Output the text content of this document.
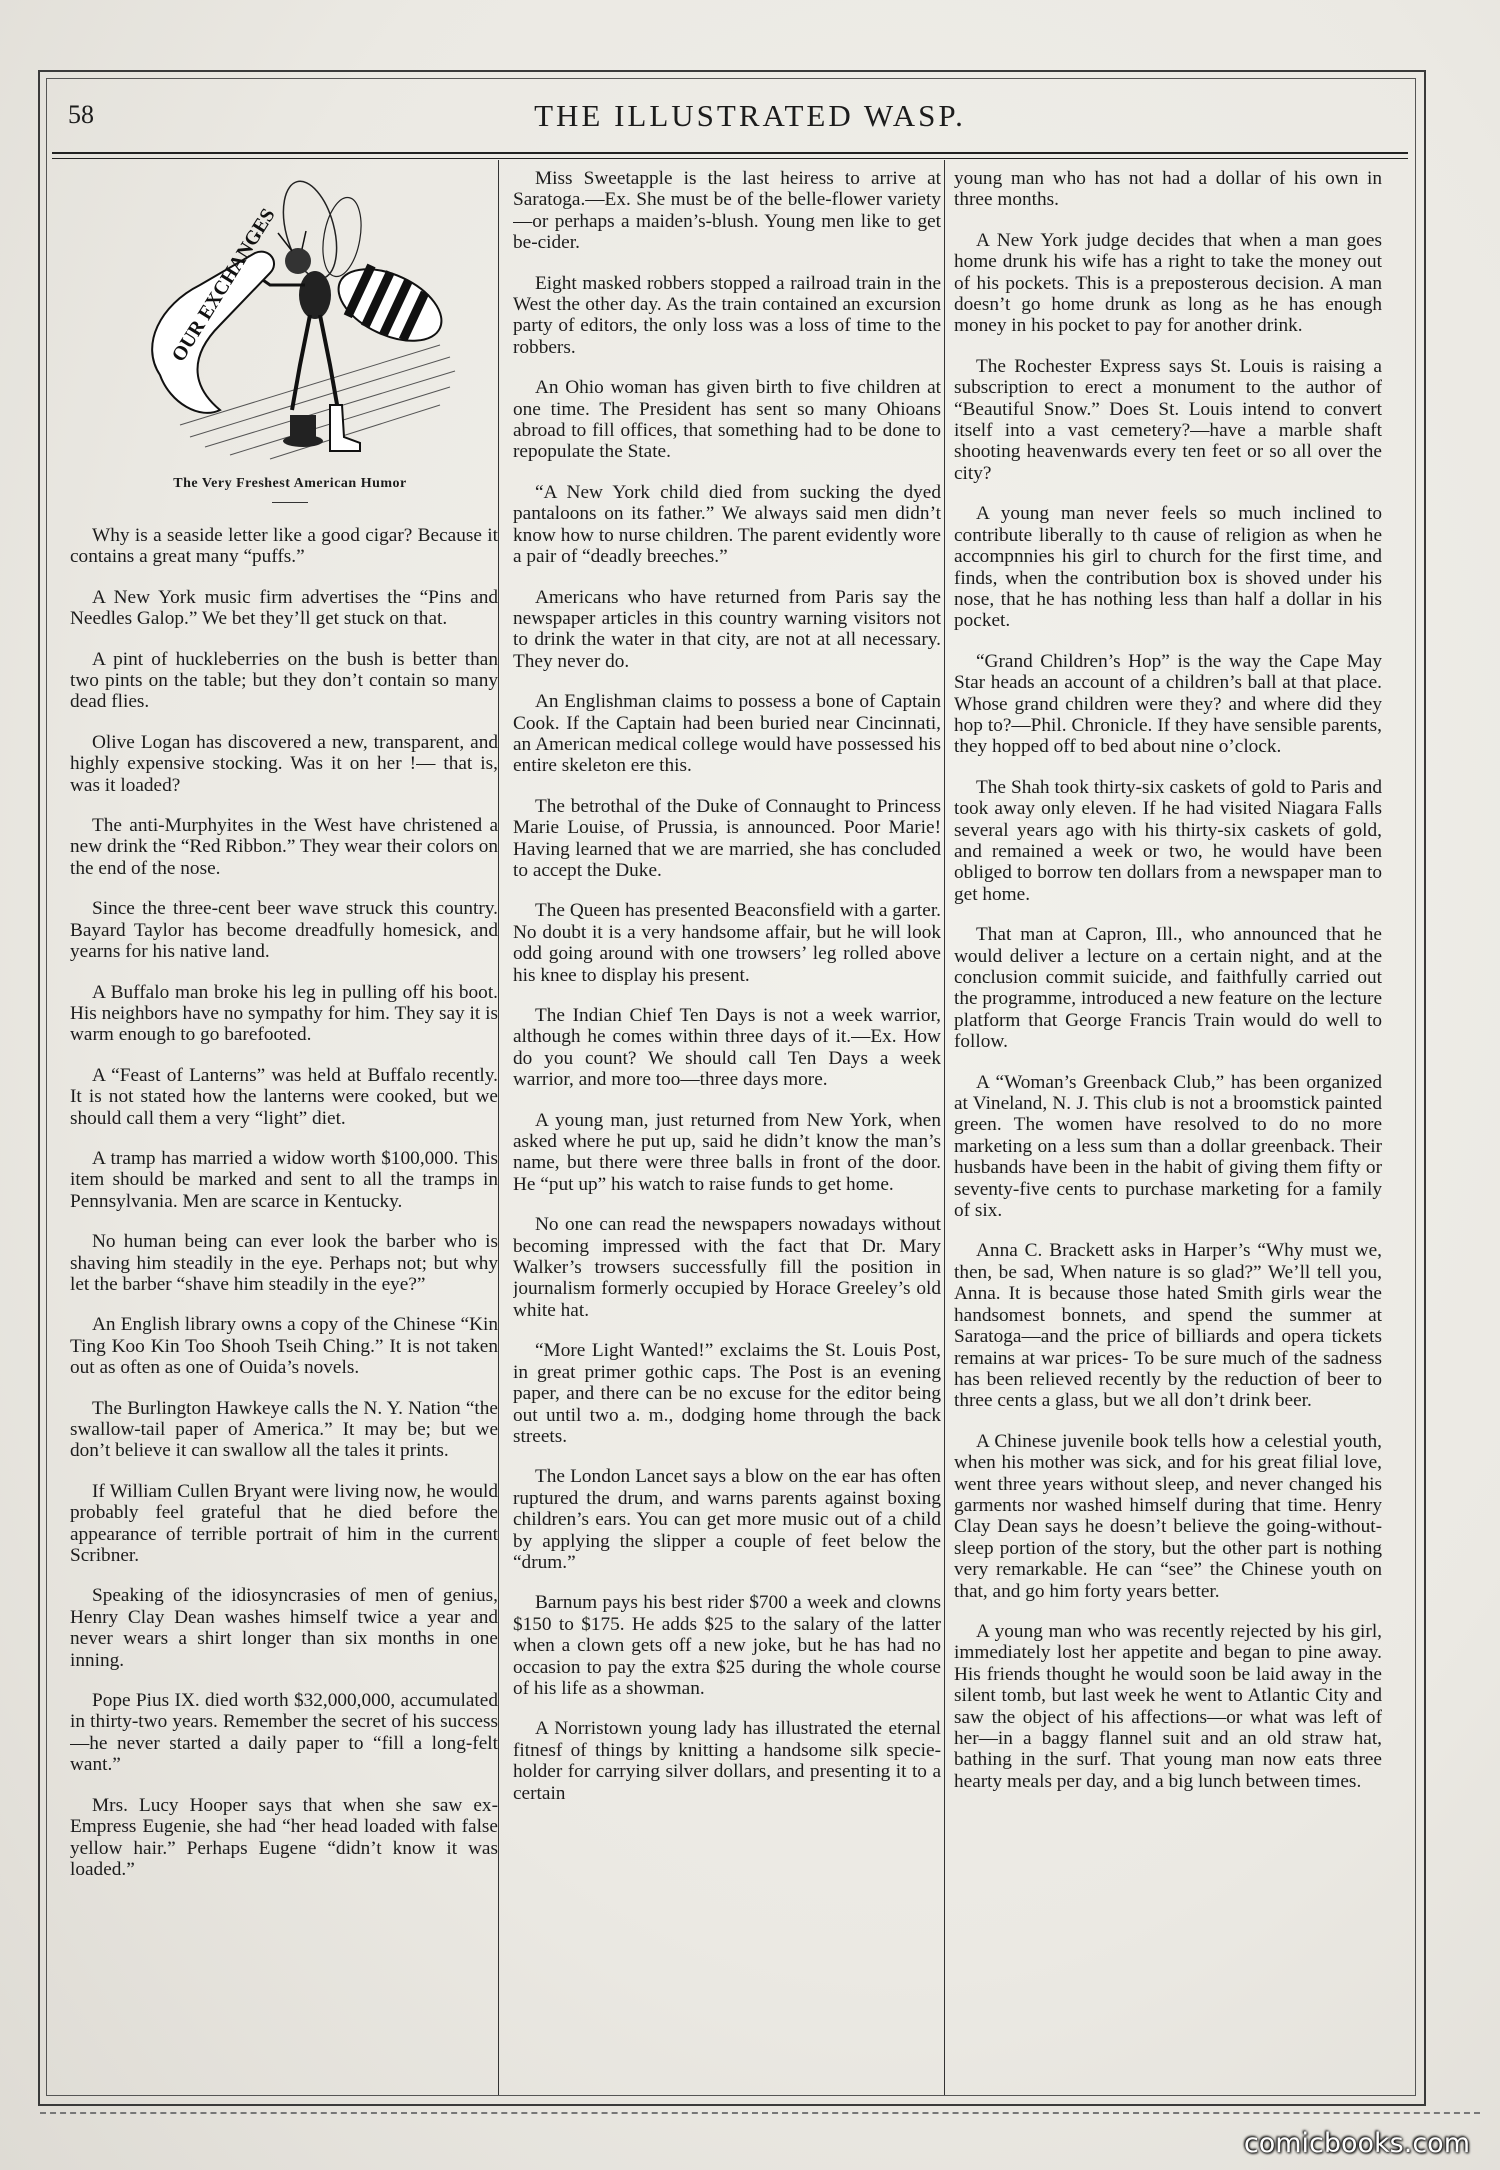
58	THE ILLUSTRATED WASP.
OUR EXCHANGES
The Very Freshest American Humor

Why is a seaside letter like a good cigar? Because it contains a great many “puffs.”

A New York music firm advertises the “Pins and Needles Galop.” We bet they’ll get stuck on that.

A pint of huckleberries on the bush is better than two pints on the table; but they don’t contain so many dead flies.

Olive Logan has discovered a new, transparent, and highly expensive stocking. Was it on her !— that is, was it loaded?

The anti-Murphyites in the West have christened a new drink the “Red Ribbon.” They wear their colors on the end of the nose.

Since the three-cent beer wave struck this country. Bayard Taylor has become dreadfully homesick, and yearns for his native land.

A Buffalo man broke his leg in pulling off his boot. His neighbors have no sympathy for him. They say it is warm enough to go barefooted.

A “Feast of Lanterns” was held at Buffalo recently. It is not stated how the lanterns were cooked, but we should call them a very “light” diet.

A tramp has married a widow worth $100,000. This item should be marked and sent to all the tramps in Pennsylvania. Men are scarce in Kentucky.

No human being can ever look the barber who is shaving him steadily in the eye. Perhaps not; but why let the barber “shave him steadily in the eye?”

An English library owns a copy of the Chinese “Kin Ting Koo Kin Too Shooh Tseih Ching.” It is not taken out as often as one of Ouida’s novels.

The Burlington Hawkeye calls the N. Y. Nation “the swallow-tail paper of America.” It may be; but we don’t believe it can swallow all the tales it prints.

If William Cullen Bryant were living now, he would probably feel grateful that he died before the appearance of terrible portrait of him in the current Scribner.

Speaking of the idiosyncrasies of men of genius, Henry Clay Dean washes himself twice a year and never wears a shirt longer than six months in one inning.

Pope Pius IX. died worth $32,000,000, accumulated in thirty-two years. Remember the secret of his success—he never started a daily paper to “fill a long-felt want.”

Mrs. Lucy Hooper says that when she saw ex-Empress Eugenie, she had “her head loaded with false yellow hair.” Perhaps Eugene “didn’t know it was loaded.”

Miss Sweetapple is the last heiress to arrive at Saratoga.—Ex. She must be of the belle-flower variety—or perhaps a maiden’s-blush. Young men like to get be-cider.

Eight masked robbers stopped a railroad train in the West the other day. As the train contained an excursion party of editors, the only loss was a loss of time to the robbers.

An Ohio woman has given birth to five children at one time. The President has sent so many Ohioans abroad to fill offices, that something had to be done to repopulate the State.

“A New York child died from sucking the dyed pantaloons on its father.” We always said men didn’t know how to nurse children. The parent evidently wore a pair of “deadly breeches.”

Americans who have returned from Paris say the newspaper articles in this country warning visitors not to drink the water in that city, are not at all necessary. They never do.

An Englishman claims to possess a bone of Captain Cook. If the Captain had been buried near Cincinnati, an American medical college would have possessed his entire skeleton ere this.

The betrothal of the Duke of Connaught to Princess Marie Louise, of Prussia, is announced. Poor Marie! Having learned that we are married, she has concluded to accept the Duke.

The Queen has presented Beaconsfield with a garter. No doubt it is a very handsome affair, but he will look odd going around with one trowsers’ leg rolled above his knee to display his present.

The Indian Chief Ten Days is not a week warrior, although he comes within three days of it.—Ex. How do you count? We should call Ten Days a week warrior, and more too—three days more.

A young man, just returned from New York, when asked where he put up, said he didn’t know the man’s name, but there were three balls in front of the door. He “put up” his watch to raise funds to get home.

No one can read the newspapers nowadays without becoming impressed with the fact that Dr. Mary Walker’s trowsers successfully fill the position in journalism formerly occupied by Horace Greeley’s old white hat.

“More Light Wanted!” exclaims the St. Louis Post, in great primer gothic caps. The Post is an evening paper, and there can be no excuse for the editor being out until two a. m., dodging home through the back streets.

The London Lancet says a blow on the ear has often ruptured the drum, and warns parents against boxing children’s ears. You can get more music out of a child by applying the slipper a couple of feet below the “drum.”

Barnum pays his best rider $700 a week and clowns $150 to $175. He adds $25 to the salary of the latter when a clown gets off a new joke, but he has had no occasion to pay the extra $25 during the whole course of his life as a showman.

A Norristown young lady has illustrated the eternal fitnesf of things by knitting a handsome silk specie-holder for carrying silver dollars, and presenting it to a certain

young man who has not had a dollar of his own in three months.

A New York judge decides that when a man goes home drunk his wife has a right to take the money out of his pockets. This is a preposterous decision. A man doesn’t go home drunk as long as he has enough money in his pocket to pay for another drink.

The Rochester Express says St. Louis is raising a subscription to erect a monument to the author of “Beautiful Snow.” Does St. Louis intend to convert itself into a vast cemetery?—have a marble shaft shooting heavenwards every ten feet or so all over the city?

A young man never feels so much inclined to contribute liberally to th cause of religion as when he accompnnies his girl to church for the first time, and finds, when the contribution box is shoved under his nose, that he has nothing less than half a dollar in his pocket.

“Grand Children’s Hop” is the way the Cape May Star heads an account of a children’s ball at that place. Whose grand children were they? and where did they hop to?—Phil. Chronicle. If they have sensible parents, they hopped off to bed about nine o’clock.

The Shah took thirty-six caskets of gold to Paris and took away only eleven. If he had visited Niagara Falls several years ago with his thirty-six caskets of gold, and remained a week or two, he would have been obliged to borrow ten dollars from a newspaper man to get home.

That man at Capron, Ill., who announced that he would deliver a lecture on a certain night, and at the conclusion commit suicide, and faithfully carried out the programme, introduced a new feature on the lecture platform that George Francis Train would do well to follow.

A “Woman’s Greenback Club,” has been organized at Vineland, N. J. This club is not a broomstick painted green. The women have resolved to do no more marketing on a less sum than a dollar greenback. Their husbands have been in the habit of giving them fifty or seventy-five cents to purchase marketing for a family of six.

Anna C. Brackett asks in Harper’s “Why must we, then, be sad, When nature is so glad?” We’ll tell you, Anna. It is because those hated Smith girls wear the handsomest bonnets, and spend the summer at Saratoga—and the price of billiards and opera tickets remains at war prices- To be sure much of the sadness has been relieved recently by the reduction of beer to three cents a glass, but we all don’t drink beer.

A Chinese juvenile book tells how a celestial youth, when his mother was sick, and for his great filial love, went three years without sleep, and never changed his garments nor washed himself during that time. Henry Clay Dean says he doesn’t believe the going-without-sleep portion of the story, but the other part is nothing very remarkable. He can “see” the Chinese youth on that, and go him forty years better.

A young man who was recently rejected by his girl, immediately lost her appetite and began to pine away. His friends thought he would soon be laid away in the silent tomb, but last week he went to Atlantic City and saw the object of his affections—or what was left of her—in a baggy flannel suit and an old straw hat, bathing in the surf. That young man now eats three hearty meals per day, and a big lunch between times.

comicbooks.com
